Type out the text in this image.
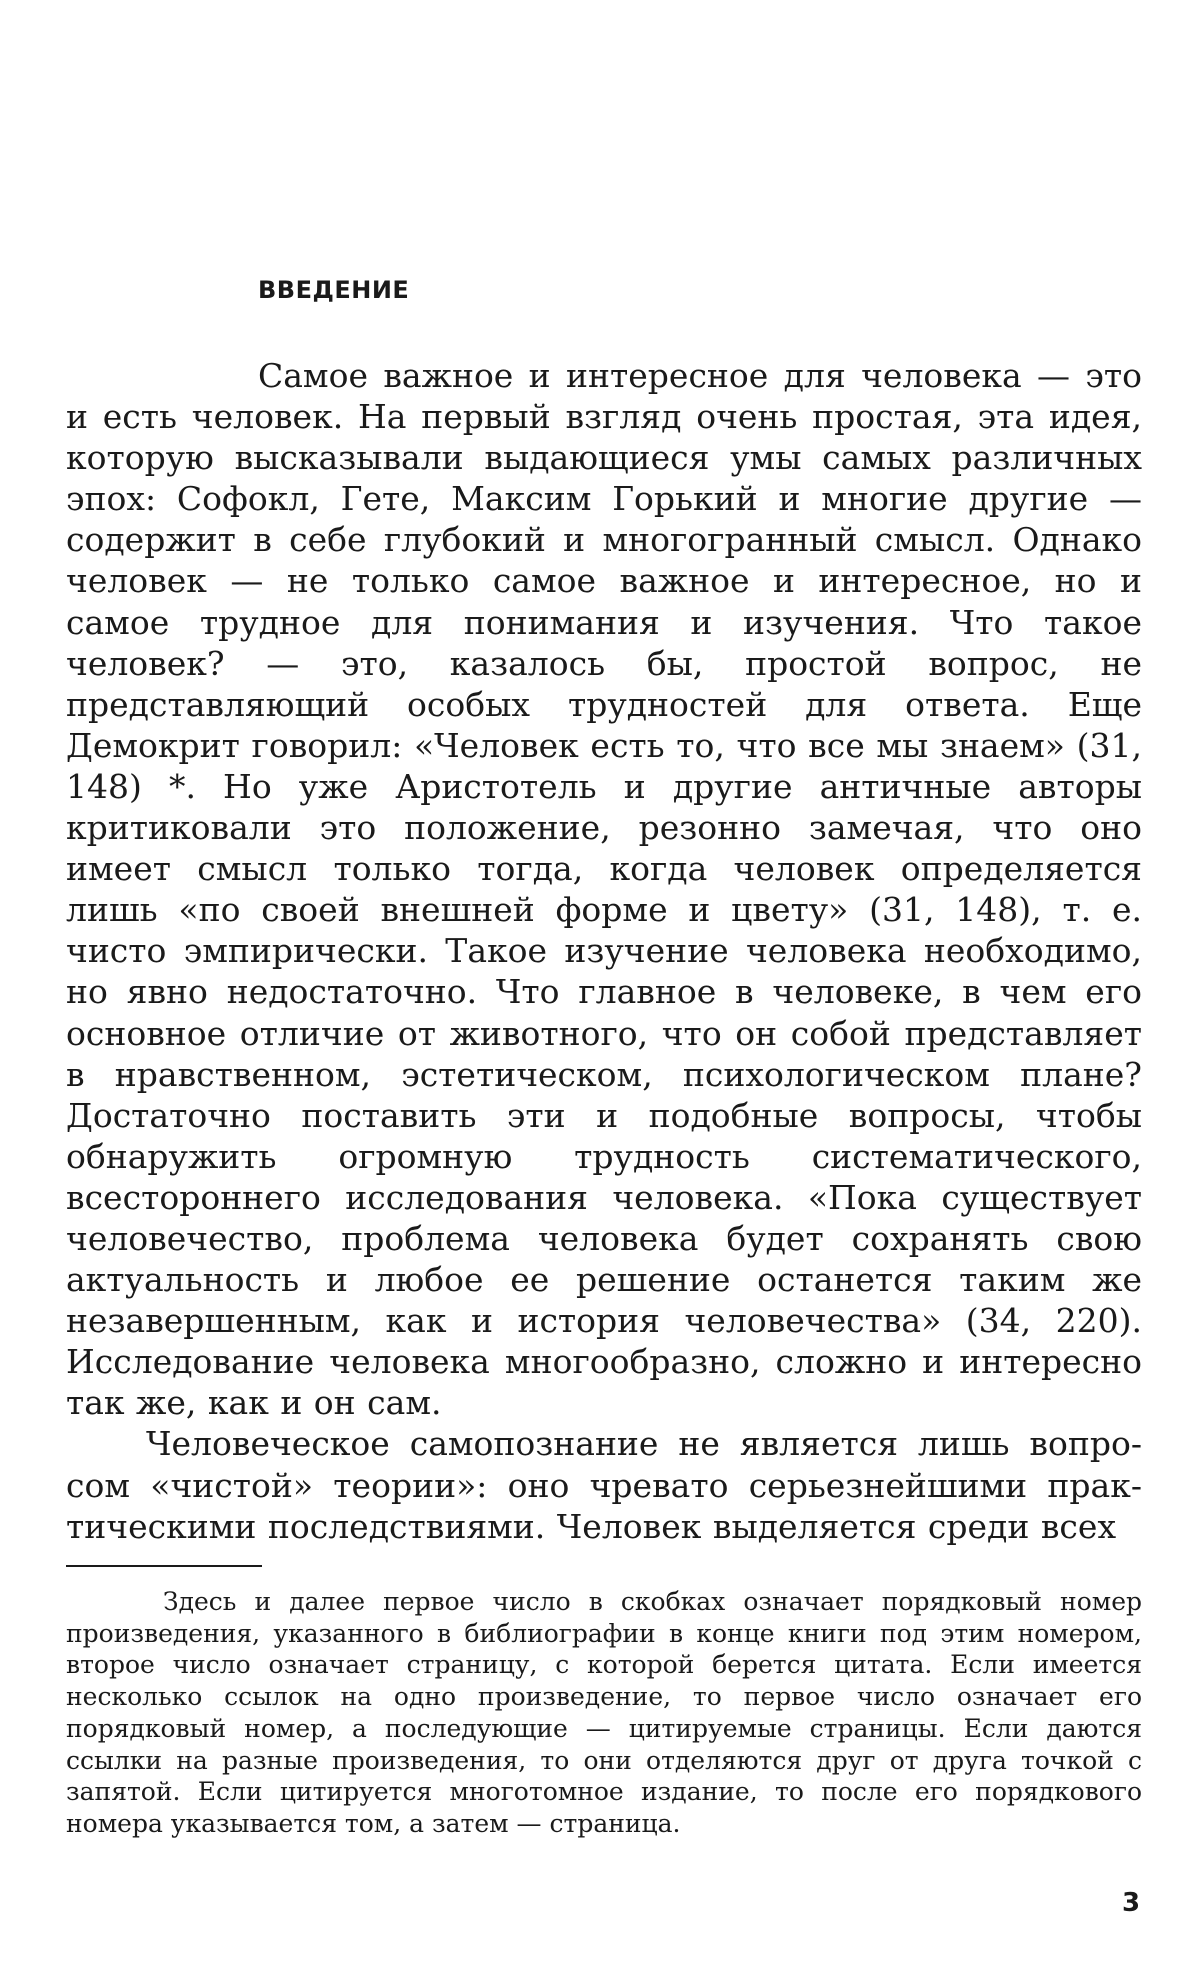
ВВЕДЕНИЕ

Самое важное и интересное для человека — это и есть человек. На первый взгляд очень простая, эта идея, которую высказывали выдающиеся умы самых различных эпох: Софокл, Гете, Максим Горький и многие другие — содержит в себе глубокий и многогранный смысл. Однако человек — не только самое важное и интересное, но и самое трудное для понимания и изучения. Что такое человек? — это, казалось бы, простой вопрос, не представляющий особых трудностей для ответа. Еще Демокрит говорил: «Человек есть то, что все мы знаем» (31, 148) *. Но уже Аристотель и другие античные авторы критиковали это положение, резонно замечая, что оно имеет смысл только тогда, когда человек определяется лишь «по своей внешней форме и цвету» (31, 148), т. е. чисто эмпирически. Такое изучение человека необходимо, но явно недостаточно. Что главное в человеке, в чем его основное отличие от животного, что он собой представляет в нравственном, эстетическом, психологическом плане? Достаточно поставить эти и подобные вопросы, чтобы обнаружить огромную трудность систематического, всестороннего исследования человека. «Пока существует человечество, проблема человека будет сохранять свою актуальность и любое ее решение останется таким же незавершенным, как и история человечества» (34, 220). Исследование человека многообразно, сложно и интересно так же, как и он сам.

Человеческое самопознание не является лишь вопросом «чистой» теории»: оно чревато серьезнейшими практическими последствиями. Человек выделяется среди всех

Здесь и далее первое число в скобках означает порядковый номер произведения, указанного в библиографии в конце книги под этим номером, второе число означает страницу, с которой берется цитата. Если имеется несколько ссылок на одно произведение, то первое число означает его порядковый номер, а последующие — цитируемые страницы. Если даются ссылки на разные произведения, то они отделяются друг от друга точкой с запятой. Если цитируется многотомное издание, то после его порядкового номера указывается том, а затем — страница.

3
